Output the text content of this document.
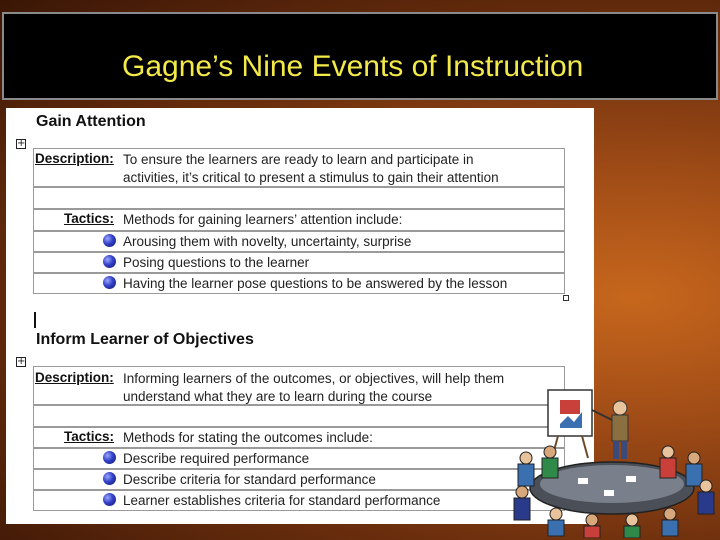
Gagne’s Nine Events of Instruction
Gain Attention
+
Description: To ensure the learners are ready to learn and participate in
activities, it’s critical to present a stimulus to gain their attention
Tactics: Methods for gaining learners’ attention include:
Arousing them with novelty, uncertainty, surprise
Posing questions to the learner
Having the learner pose questions to be answered by the lesson
Inform Learner of Objectives
+
Description: Informing learners of the outcomes, or objectives, will help them
understand what they are to learn during the course
Tactics: Methods for stating the outcomes include:
Describe required performance
Describe criteria for standard performance
Learner establishes criteria for standard performance
